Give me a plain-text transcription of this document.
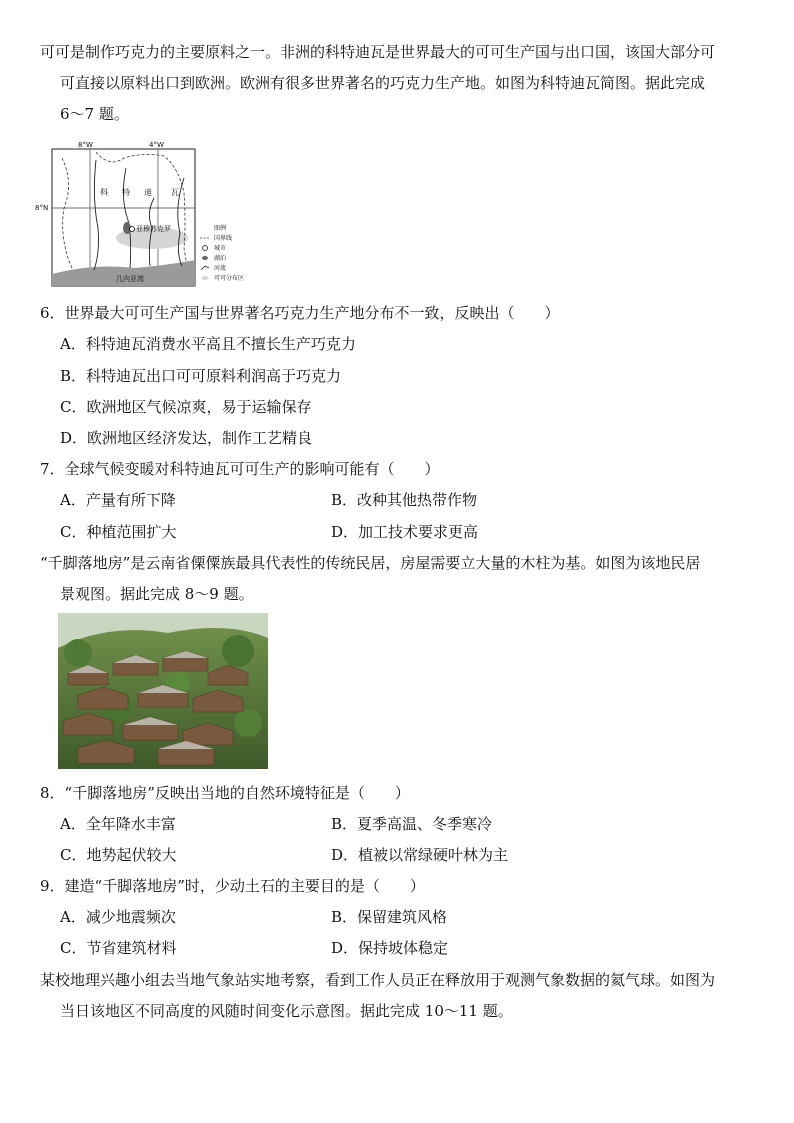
可可是制作巧克力的主要原料之一。非洲的科特迪瓦是世界最大的可可生产国与出口国，该国大部分可
可直接以原料出口到欧洲。欧洲有很多世界著名的巧克力生产地。如图为科特迪瓦简图。据此完成
6～7 题。
8°W	4°W
8°N
科 特 迪 瓦
亚穆苏克罗
几内亚湾
图例
国界线
城市
湖泊
河流
可可分布区
6．世界最大可可生产国与世界著名巧克力生产地分布不一致，反映出（　　）
A．科特迪瓦消费水平高且不擅长生产巧克力
B．科特迪瓦出口可可原料利润高于巧克力
C．欧洲地区气候凉爽，易于运输保存
D．欧洲地区经济发达，制作工艺精良
7．全球气候变暖对科特迪瓦可可生产的影响可能有（　　）
A．产量有所下降	B．改种其他热带作物
C．种植范围扩大	D．加工技术要求更高
“千脚落地房”是云南省傈僳族最具代表性的传统民居，房屋需要立大量的木柱为基。如图为该地民居
景观图。据此完成 8～9 题。
8．“千脚落地房”反映出当地的自然环境特征是（　　）
A．全年降水丰富	B．夏季高温、冬季寒冷
C．地势起伏较大	D．植被以常绿硬叶林为主
9．建造“千脚落地房”时，少动土石的主要目的是（　　）
A．减少地震频次	B．保留建筑风格
C．节省建筑材料	D．保持坡体稳定
某校地理兴趣小组去当地气象站实地考察，看到工作人员正在释放用于观测气象数据的氦气球。如图为
当日该地区不同高度的风随时间变化示意图。据此完成 10～11 题。
